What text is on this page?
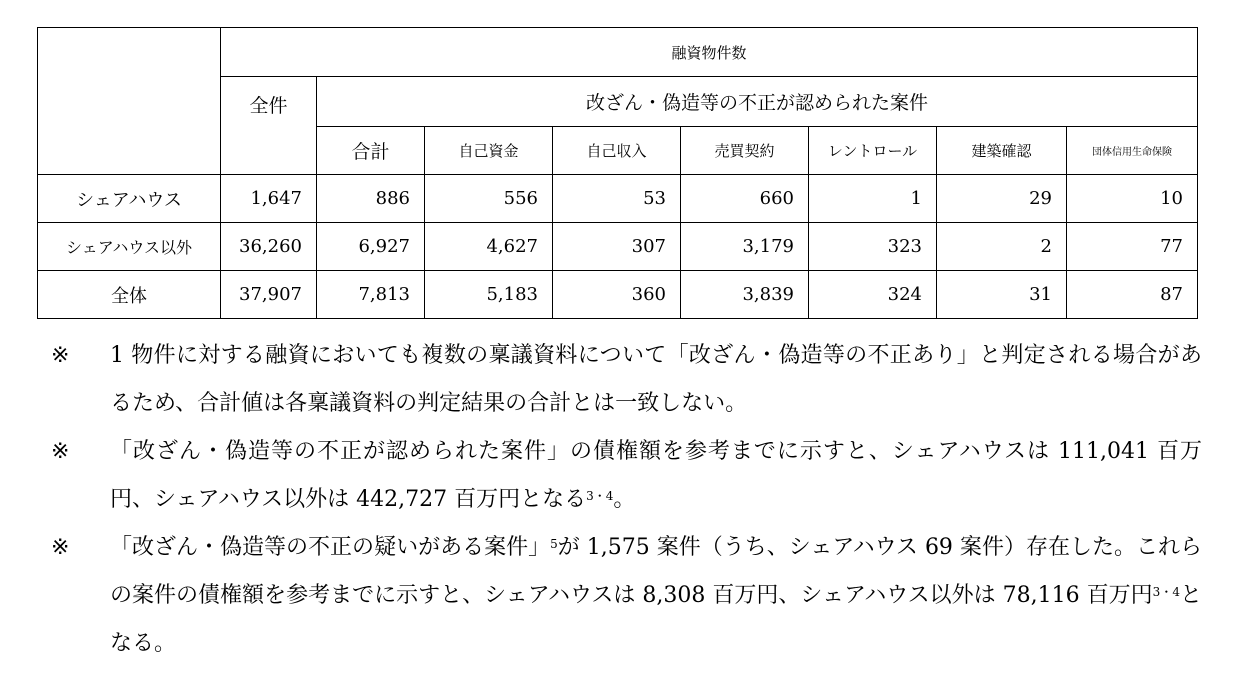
	融資物件数							
	全件	改ざん・偽造等の不正が認められた案件						
		合計	自己資金	自己収入	売買契約	レントロール	建築確認	団体信用生命保険
シェアハウス	1,647	886	556	53	660	1	29	10
シェアハウス以外	36,260	6,927	4,627	307	3,179	323	2	77
全体	37,907	7,813	5,183	360	3,839	324	31	87
※	1 物件に対する融資においても複数の稟議資料について「改ざん・偽造等の不正あり」と判定される場合があるため、合計値は各稟議資料の判定結果の合計とは一致しない。
※	「改ざん・偽造等の不正が認められた案件」の債権額を参考までに示すと、シェアハウスは 111,041 百万円、シェアハウス以外は 442,727 百万円となる$^{3・4}$。
※	「改ざん・偽造等の不正の疑いがある案件」$^5$が 1,575 案件（うち、シェアハウス 69 案件）存在した。これらの案件の債権額を参考までに示すと、シェアハウスは 8,308 百万円、シェアハウス以外は 78,116 百万円$^{3・4}$となる。
